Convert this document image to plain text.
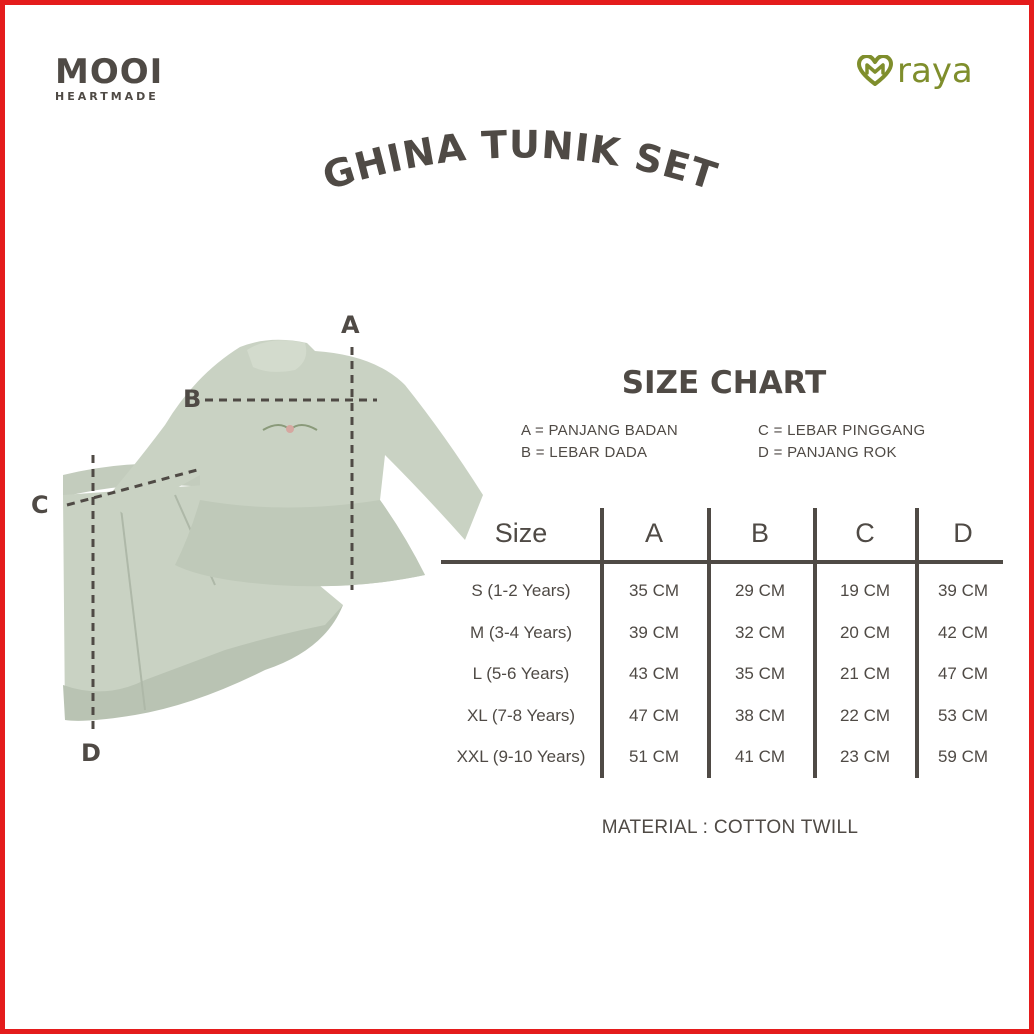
MOOI
HEARTMADE
raya
GHINA TUNIK SET
A
B
C
D
SIZE CHART
A = PANJANG BADAN
B = LEBAR DADA
C = LEBAR PINGGANG
D = PANJANG ROK
Size	A	B	C	D
S (1-2 Years)	35 CM	29 CM	19 CM	39 CM
M (3-4 Years)	39 CM	32 CM	20 CM	42 CM
L (5-6 Years)	43 CM	35 CM	21 CM	47 CM
XL (7-8 Years)	47 CM	38 CM	22 CM	53 CM
XXL (9-10 Years)	51 CM	41 CM	23 CM	59 CM
MATERIAL : COTTON TWILL
